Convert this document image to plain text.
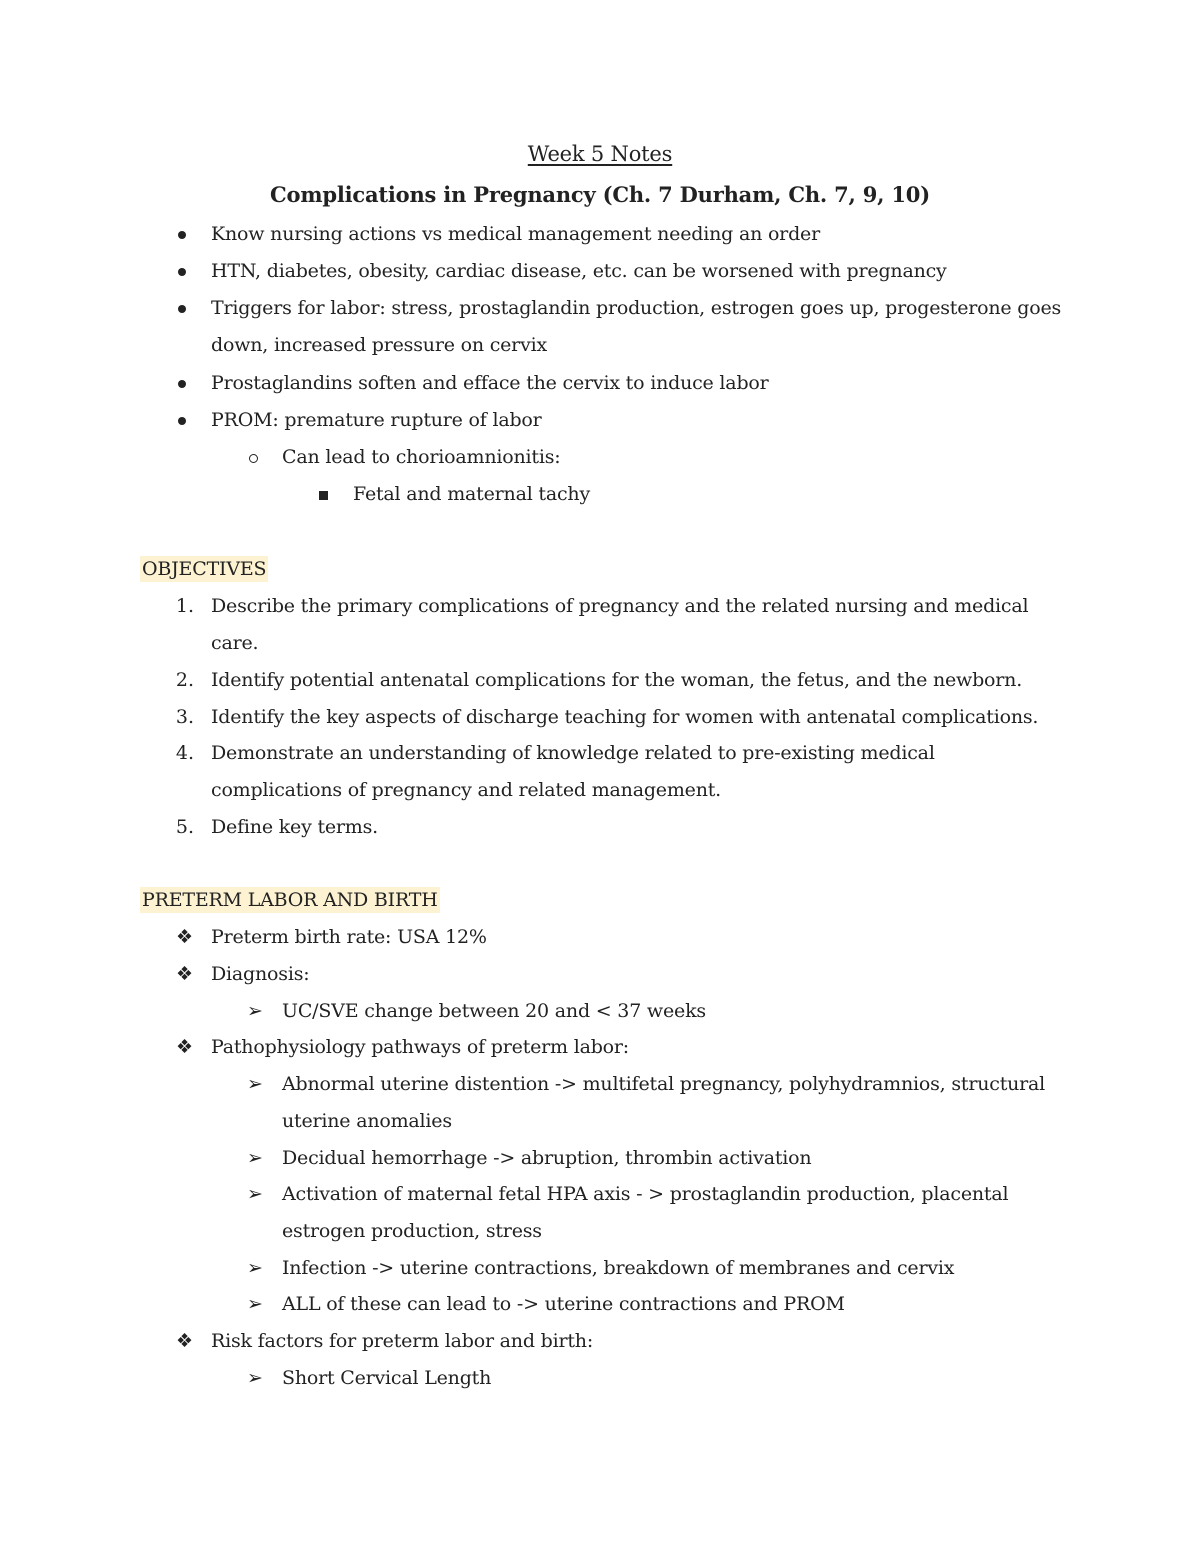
Week 5 Notes
Complications in Pregnancy (Ch. 7 Durham, Ch. 7, 9, 10)
Know nursing actions vs medical management needing an order
HTN, diabetes, obesity, cardiac disease, etc. can be worsened with pregnancy
Triggers for labor: stress, prostaglandin production, estrogen goes up, progesterone goes
down, increased pressure on cervix
Prostaglandins soften and efface the cervix to induce labor
PROM: premature rupture of labor
Can lead to chorioamnionitis:
Fetal and maternal tachy
OBJECTIVES
1. Describe the primary complications of pregnancy and the related nursing and medical
care.
2. Identify potential antenatal complications for the woman, the fetus, and the newborn.
3. Identify the key aspects of discharge teaching for women with antenatal complications.
4. Demonstrate an understanding of knowledge related to pre-existing medical
complications of pregnancy and related management.
5. Define key terms.
PRETERM LABOR AND BIRTH
❖ Preterm birth rate: USA 12%
❖ Diagnosis:
➢ UC/SVE change between 20 and < 37 weeks
❖ Pathophysiology pathways of preterm labor:
➢ Abnormal uterine distention -> multifetal pregnancy, polyhydramnios, structural
uterine anomalies
➢ Decidual hemorrhage -> abruption, thrombin activation
➢ Activation of maternal fetal HPA axis - > prostaglandin production, placental
estrogen production, stress
➢ Infection -> uterine contractions, breakdown of membranes and cervix
➢ ALL of these can lead to -> uterine contractions and PROM
❖ Risk factors for preterm labor and birth:
➢ Short Cervical Length
